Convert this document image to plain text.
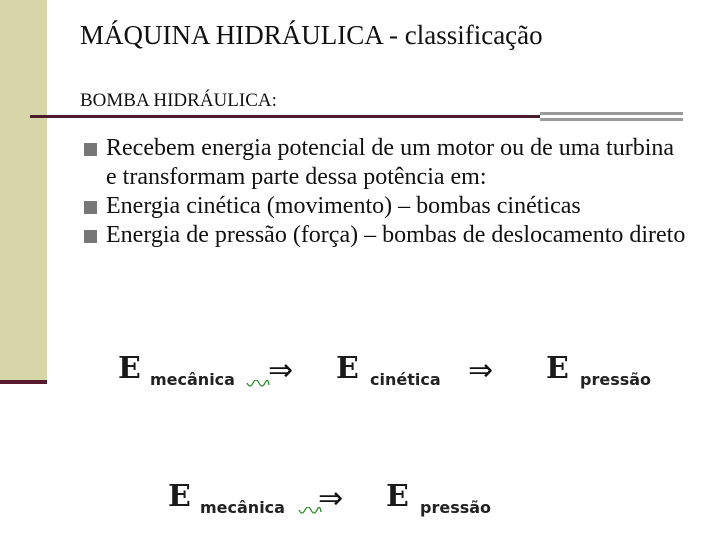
MÁQUINA HIDRÁULICA - classificação
BOMBA HIDRÁULICA:
Recebem energia potencial de um motor ou de uma turbina e transformam parte dessa potência em:
Energia cinética (movimento) – bombas cinéticas
Energia de pressão (força) – bombas de deslocamento direto
E mecânica ⇒ E cinética ⇒ E pressão
E mecânica ⇒ E pressão
